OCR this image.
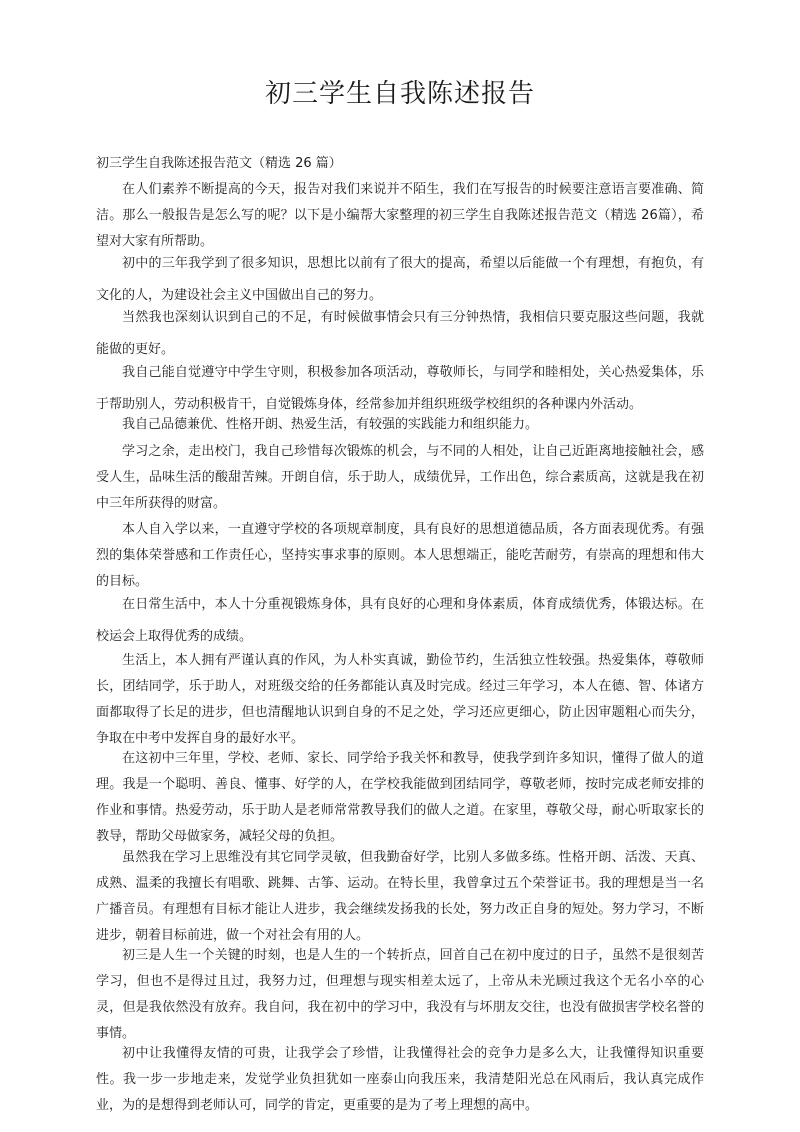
初三学生自我陈述报告

初三学生自我陈述报告范文（精选 26 篇）

在人们素养不断提高的今天，报告对我们来说并不陌生，我们在写报告的时候要注意语言要准确、简洁。那么一般报告是怎么写的呢？以下是小编帮大家整理的初三学生自我陈述报告范文（精选 26篇），希望对大家有所帮助。

初中的三年我学到了很多知识，思想比以前有了很大的提高，希望以后能做一个有理想，有抱负，有文化的人，为建设社会主义中国做出自己的努力。

当然我也深刻认识到自己的不足，有时候做事情会只有三分钟热情，我相信只要克服这些问题，我就能做的更好。

我自己能自觉遵守中学生守则，积极参加各项活动，尊敬师长，与同学和睦相处，关心热爱集体，乐于帮助别人，劳动积极肯干，自觉锻炼身体，经常参加并组织班级学校组织的各种课内外活动。

我自己品德兼优、性格开朗、热爱生活，有较强的实践能力和组织能力。

学习之余，走出校门，我自己珍惜每次锻炼的机会，与不同的人相处，让自己近距离地接触社会，感受人生，品味生活的酸甜苦辣。开朗自信，乐于助人，成绩优异，工作出色，综合素质高，这就是我在初中三年所获得的财富。

本人自入学以来，一直遵守学校的各项规章制度，具有良好的思想道德品质，各方面表现优秀。有强烈的集体荣誉感和工作责任心，坚持实事求事的原则。本人思想端正，能吃苦耐劳，有崇高的理想和伟大的目标。

在日常生活中，本人十分重视锻炼身体，具有良好的心理和身体素质，体育成绩优秀，体锻达标。在校运会上取得优秀的成绩。

生活上，本人拥有严谨认真的作风，为人朴实真诚，勤俭节约，生活独立性较强。热爱集体，尊敬师长，团结同学，乐于助人，对班级交给的任务都能认真及时完成。经过三年学习，本人在德、智、体诸方面都取得了长足的进步，但也清醒地认识到自身的不足之处，学习还应更细心，防止因审题粗心而失分，争取在中考中发挥自身的最好水平。

在这初中三年里，学校、老师、家长、同学给予我关怀和教导，使我学到许多知识，懂得了做人的道理。我是一个聪明、善良、懂事、好学的人，在学校我能做到团结同学，尊敬老师，按时完成老师安排的作业和事情。热爱劳动，乐于助人是老师常常教导我们的做人之道。在家里，尊敬父母，耐心听取家长的教导，帮助父母做家务，减轻父母的负担。

虽然我在学习上思维没有其它同学灵敏，但我勤奋好学，比别人多做多练。性格开朗、活泼、天真、成熟、温柔的我擅长有唱歌、跳舞、古筝、运动。在特长里，我曾拿过五个荣誉证书。我的理想是当一名广播音员。有理想有目标才能让人进步，我会继续发扬我的长处，努力改正自身的短处。努力学习，不断进步，朝着目标前进，做一个对社会有用的人。

初三是人生一个关键的时刻，也是人生的一个转折点，回首自己在初中度过的日子，虽然不是很刻苦学习，但也不是得过且过，我努力过，但理想与现实相差太远了，上帝从未光顾过我这个无名小卒的心灵，但是我依然没有放弃。我自问，我在初中的学习中，我没有与坏朋友交往，也没有做损害学校名誉的事情。

初中让我懂得友情的可贵，让我学会了珍惜，让我懂得社会的竞争力是多么大，让我懂得知识重要性。我一步一步地走来，发觉学业负担犹如一座泰山向我压来，我清楚阳光总在风雨后，我认真完成作业，为的是想得到老师认可，同学的肯定，更重要的是为了考上理想的高中。
